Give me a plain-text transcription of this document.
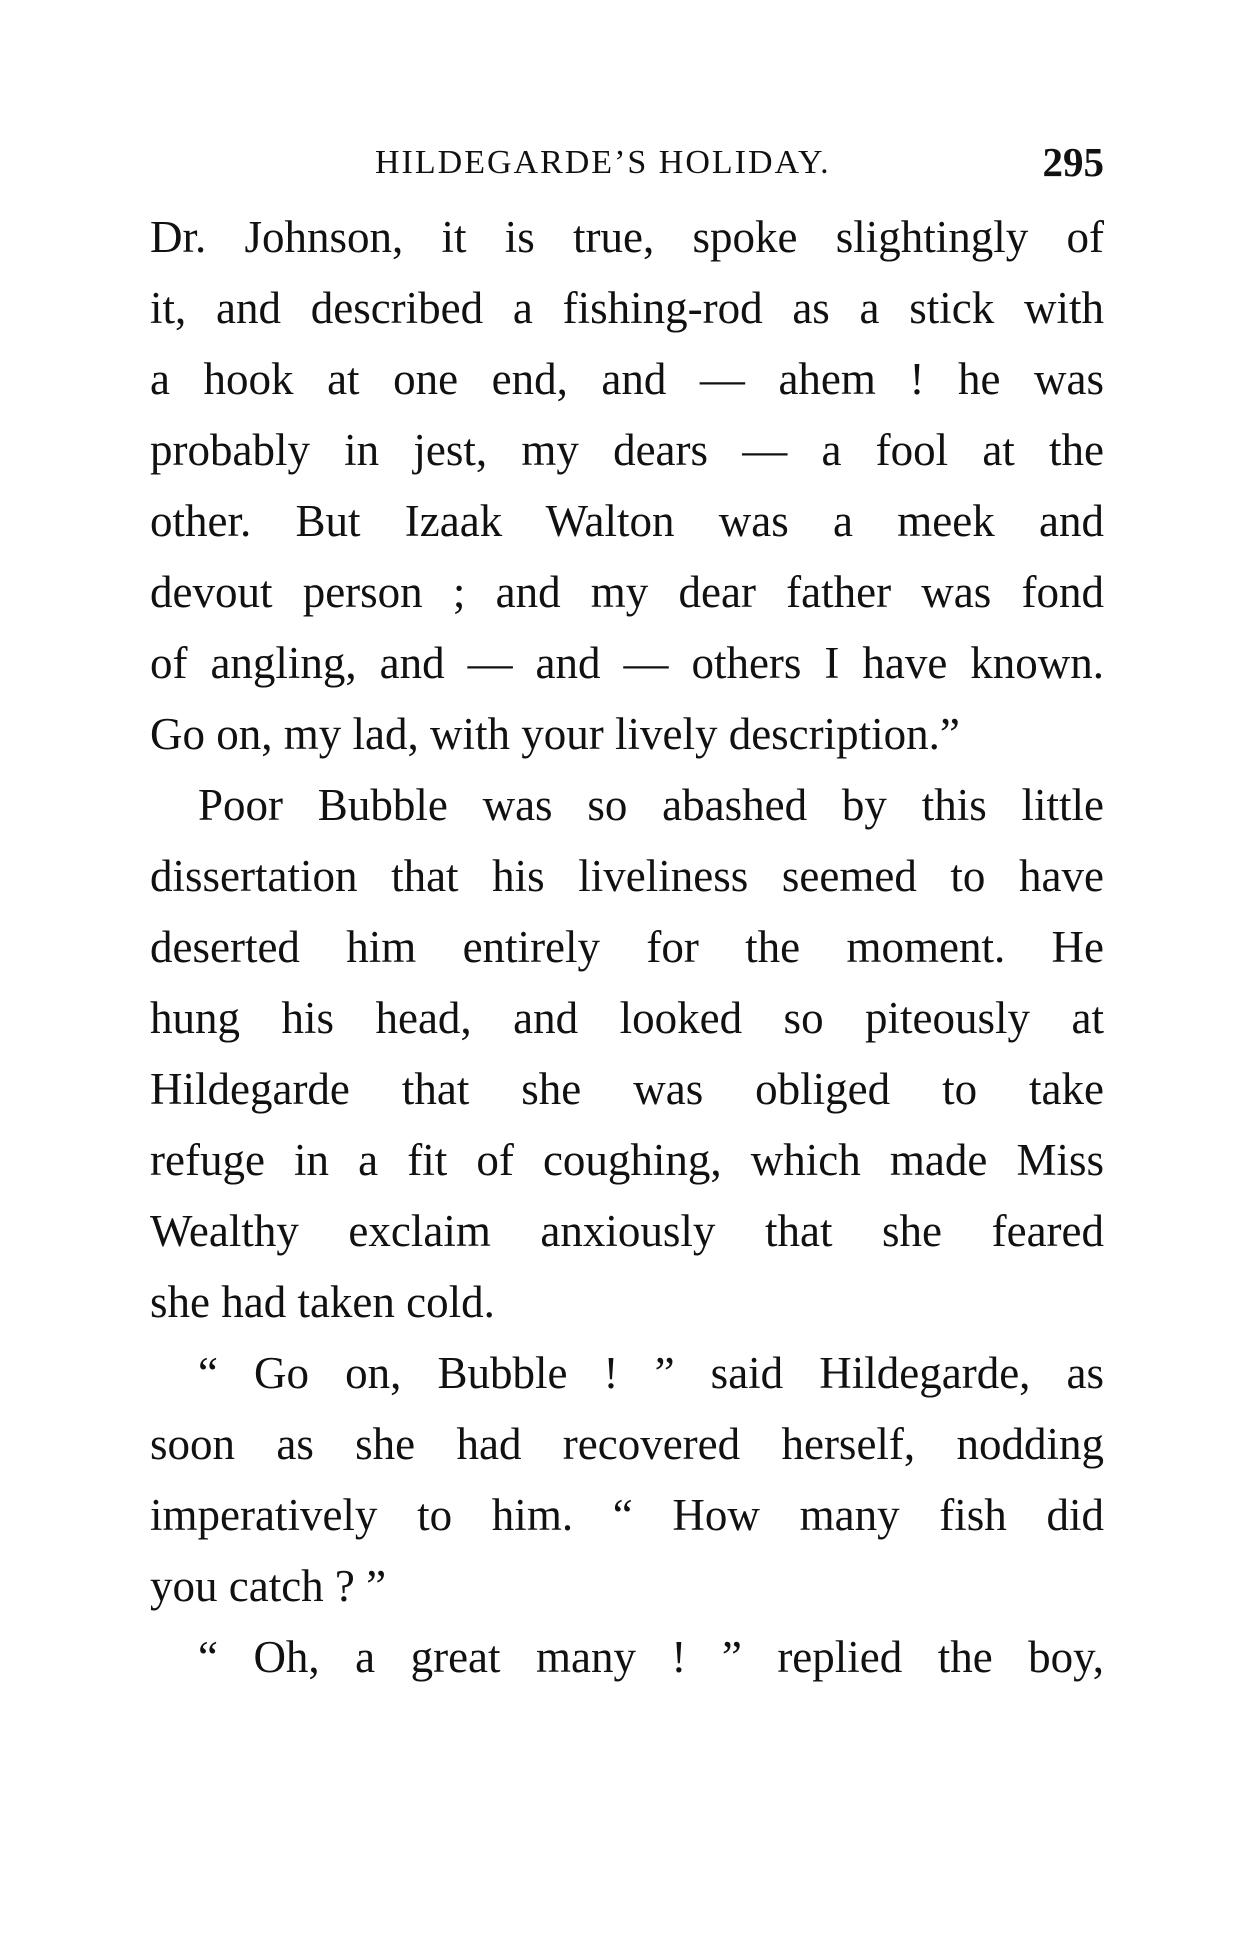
HILDEGARDE’S HOLIDAY.	295
Dr. Johnson, it is true, spoke slightingly of
it, and described a fishing-rod as a stick with
a hook at one end, and — ahem ! he was
probably in jest, my dears — a fool at the
other. But Izaak Walton was a meek and
devout person ; and my dear father was fond
of angling, and — and — others I have known.
Go on, my lad, with your lively description.”
Poor Bubble was so abashed by this little
dissertation that his liveliness seemed to have
deserted him entirely for the moment. He
hung his head, and looked so piteously at
Hildegarde that she was obliged to take
refuge in a fit of coughing, which made Miss
Wealthy exclaim anxiously that she feared
she had taken cold.
“ Go on, Bubble ! ” said Hildegarde, as
soon as she had recovered herself, nodding
imperatively to him. “ How many fish did
you catch ? ”
“ Oh, a great many ! ” replied the boy,
